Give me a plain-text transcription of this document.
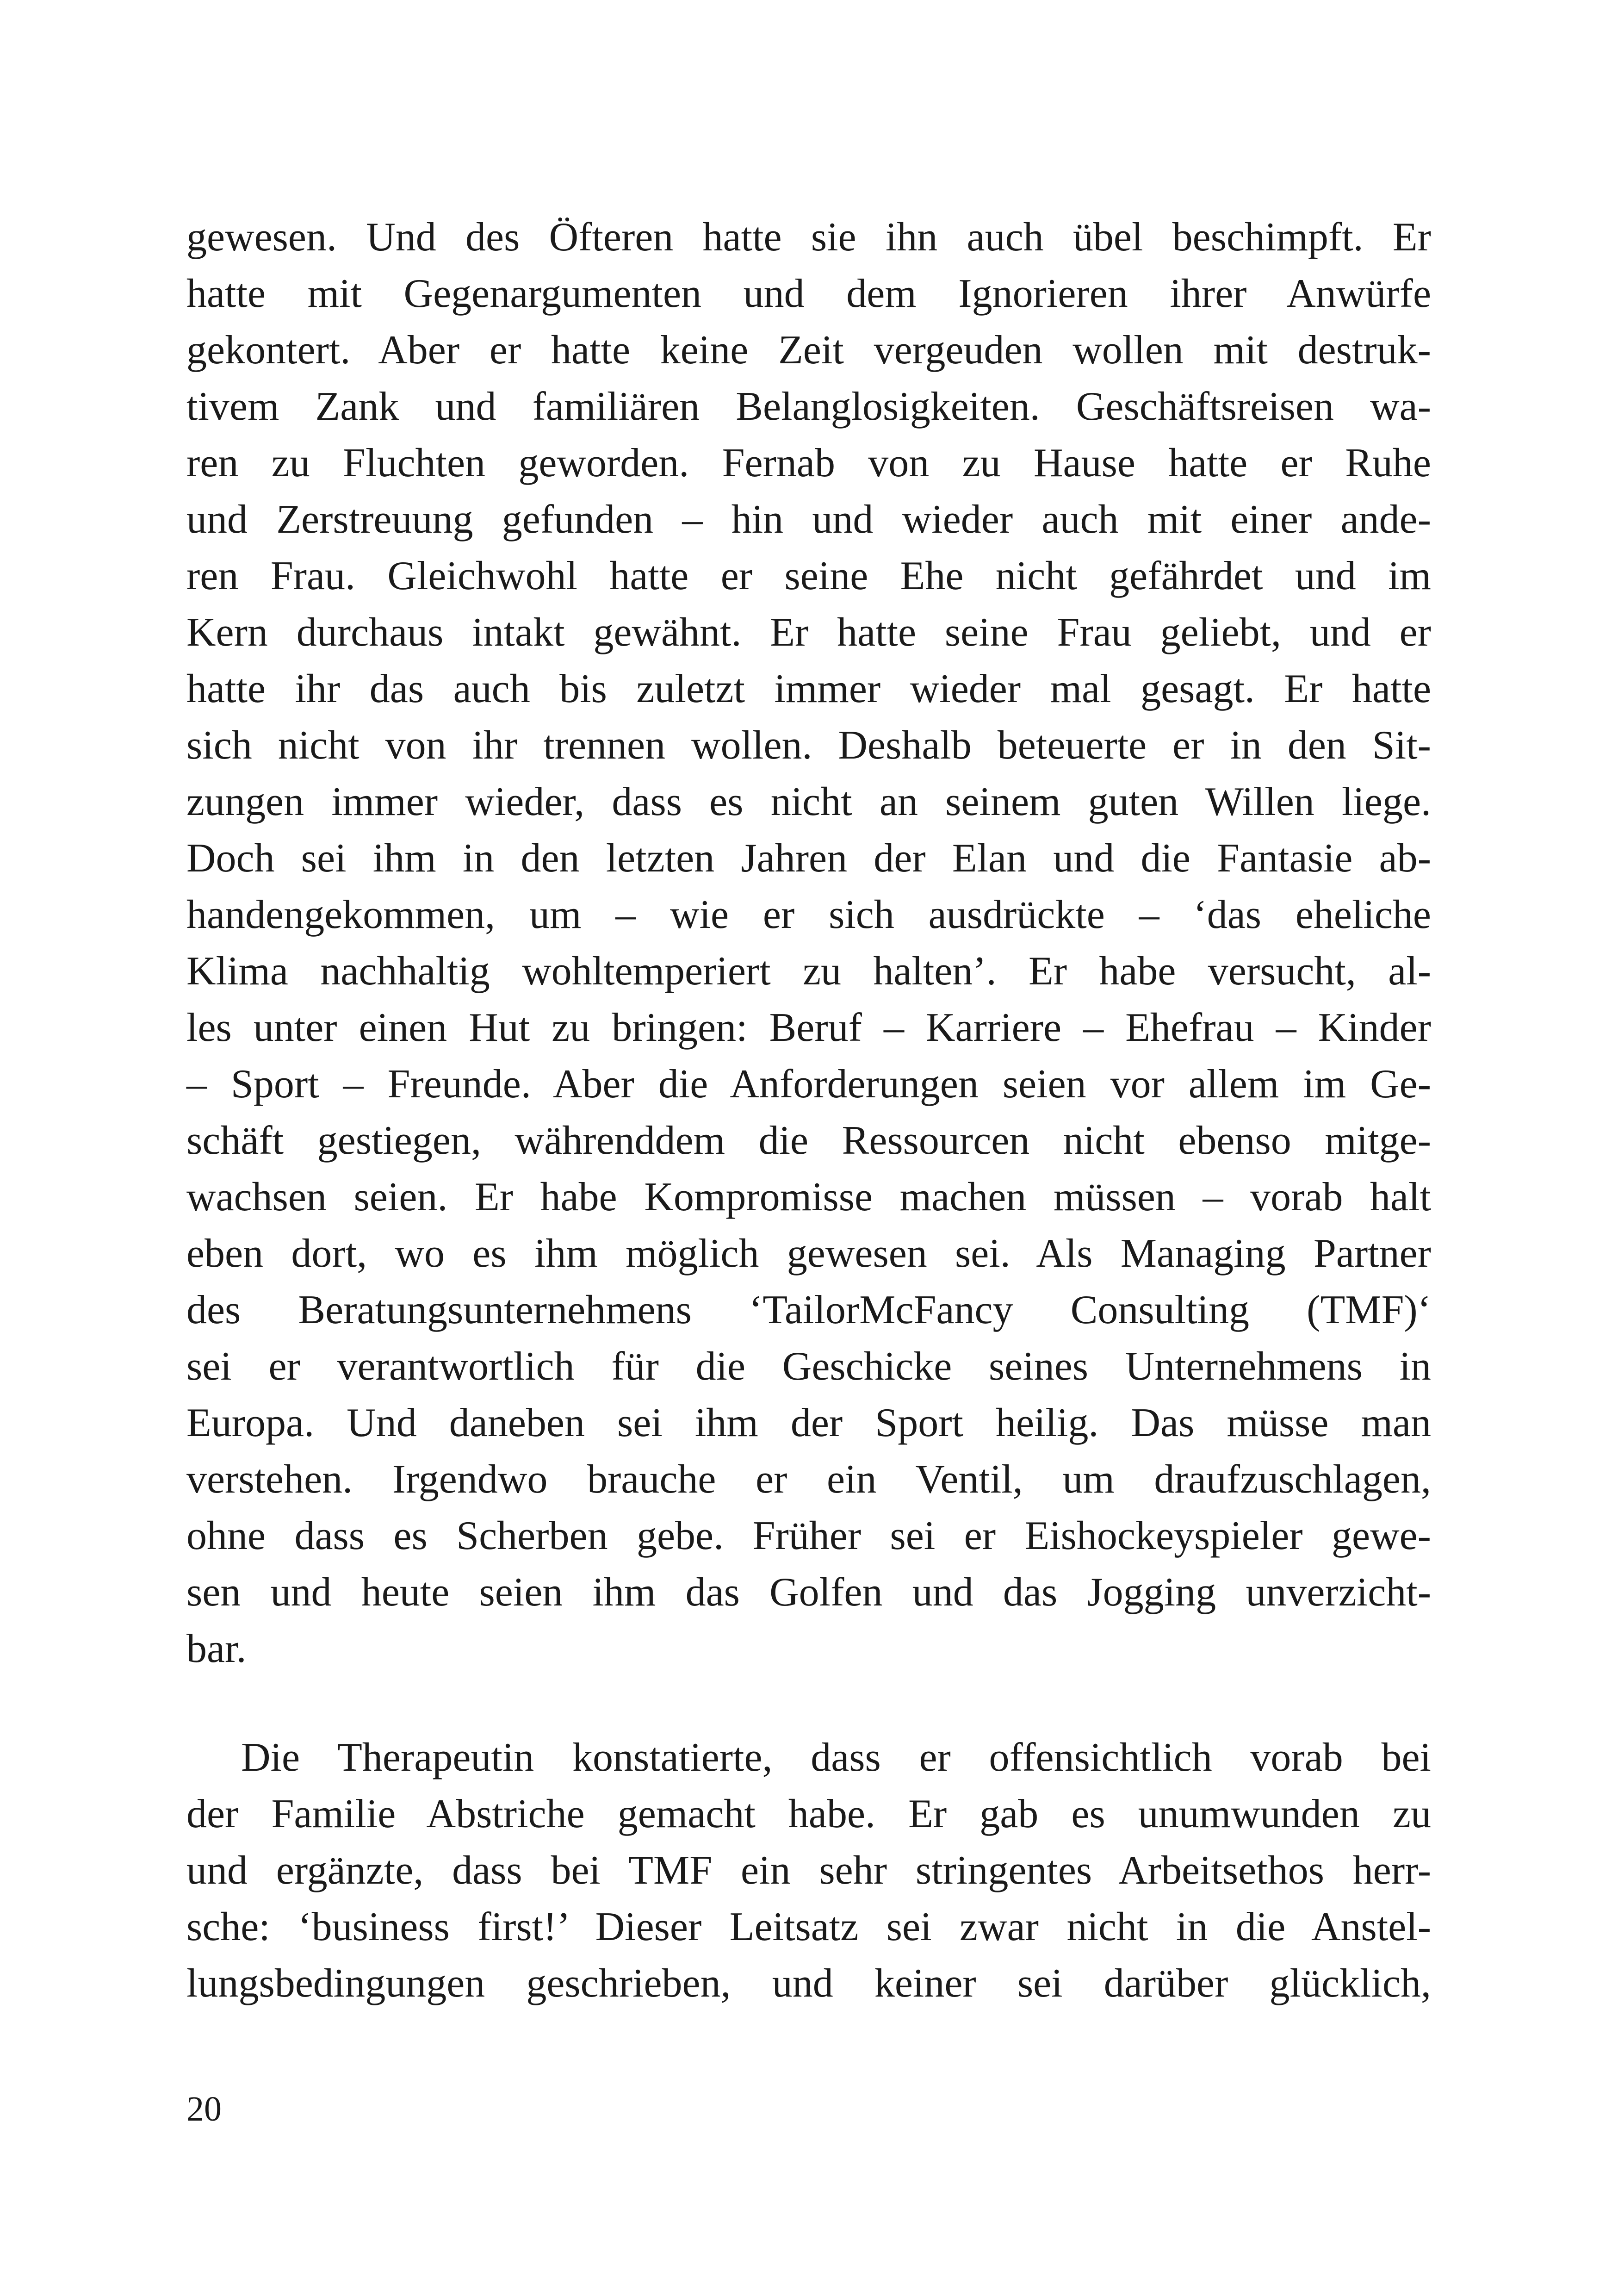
gewesen. Und des Öfteren hatte sie ihn auch übel beschimpft. Er
hatte mit Gegenargumenten und dem Ignorieren ihrer Anwürfe
gekontert. Aber er hatte keine Zeit vergeuden wollen mit destruk-
tivem Zank und familiären Belanglosigkeiten. Geschäftsreisen wa-
ren zu Fluchten geworden. Fernab von zu Hause hatte er Ruhe
und Zerstreuung gefunden – hin und wieder auch mit einer ande-
ren Frau. Gleichwohl hatte er seine Ehe nicht gefährdet und im
Kern durchaus intakt gewähnt. Er hatte seine Frau geliebt, und er
hatte ihr das auch bis zuletzt immer wieder mal gesagt. Er hatte
sich nicht von ihr trennen wollen. Deshalb beteuerte er in den Sit-
zungen immer wieder, dass es nicht an seinem guten Willen liege.
Doch sei ihm in den letzten Jahren der Elan und die Fantasie ab-
handengekommen, um – wie er sich ausdrückte – ‘das eheliche
Klima nachhaltig wohltemperiert zu halten’. Er habe versucht, al-
les unter einen Hut zu bringen: Beruf – Karriere – Ehefrau – Kinder
– Sport – Freunde. Aber die Anforderungen seien vor allem im Ge-
schäft gestiegen, währenddem die Ressourcen nicht ebenso mitge-
wachsen seien. Er habe Kompromisse machen müssen – vorab halt
eben dort, wo es ihm möglich gewesen sei. Als Managing Partner
des Beratungsunternehmens ‘TailorMcFancy Consulting (TMF)‘
sei er verantwortlich für die Geschicke seines Unternehmens in
Europa. Und daneben sei ihm der Sport heilig. Das müsse man
verstehen. Irgendwo brauche er ein Ventil, um draufzuschlagen,
ohne dass es Scherben gebe. Früher sei er Eishockeyspieler gewe-
sen und heute seien ihm das Golfen und das Jogging unverzicht-
bar.
Die Therapeutin konstatierte, dass er offensichtlich vorab bei
der Familie Abstriche gemacht habe. Er gab es unumwunden zu
und ergänzte, dass bei TMF ein sehr stringentes Arbeitsethos herr-
sche: ‘business first!’ Dieser Leitsatz sei zwar nicht in die Anstel-
lungsbedingungen geschrieben, und keiner sei darüber glücklich,
20
